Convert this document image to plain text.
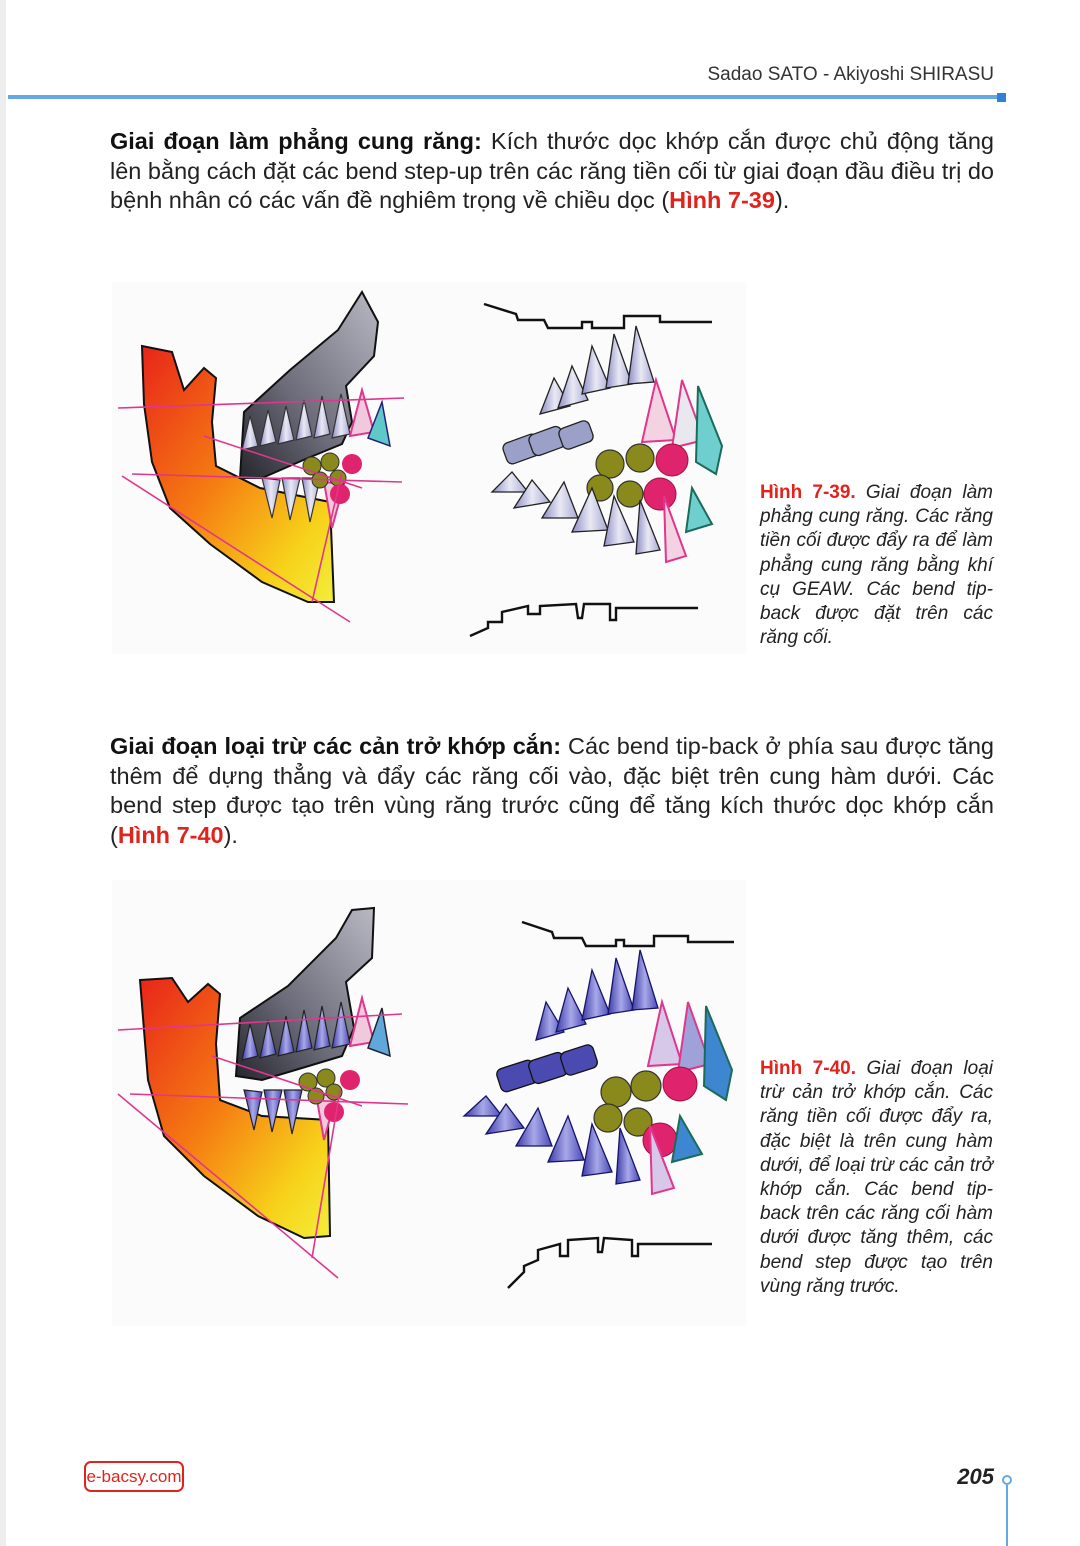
Sadao SATO - Akiyoshi SHIRASU
Giai đoạn làm phẳng cung răng: Kích thước dọc khớp cắn được chủ động tăng lên bằng cách đặt các bend step-up trên các răng tiền cối từ giai đoạn đầu điều trị do bệnh nhân có các vấn đề nghiêm trọng về chiều dọc (Hình 7-39).
Hình 7-39. Giai đoạn làm phẳng cung răng. Các răng tiền cối được đẩy ra để làm phẳng cung răng bằng khí cụ GEAW. Các bend tip-back được đặt trên các răng cối.
Giai đoạn loại trừ các cản trở khớp cắn: Các bend tip-back ở phía sau được tăng thêm để dựng thẳng và đẩy các răng cối vào, đặc biệt trên cung hàm dưới. Các bend step được tạo trên vùng răng trước cũng để tăng kích thước dọc khớp cắn (Hình 7-40).
Hình 7-40. Giai đoạn loại trừ cản trở khớp cắn. Các răng tiền cối được đẩy ra, đặc biệt là trên cung hàm dưới, để loại trừ các cản trở khớp cắn. Các bend tip-back trên các răng cối hàm dưới được tăng thêm, các bend step được tạo trên vùng răng trước.
e-bacsy.com	205
